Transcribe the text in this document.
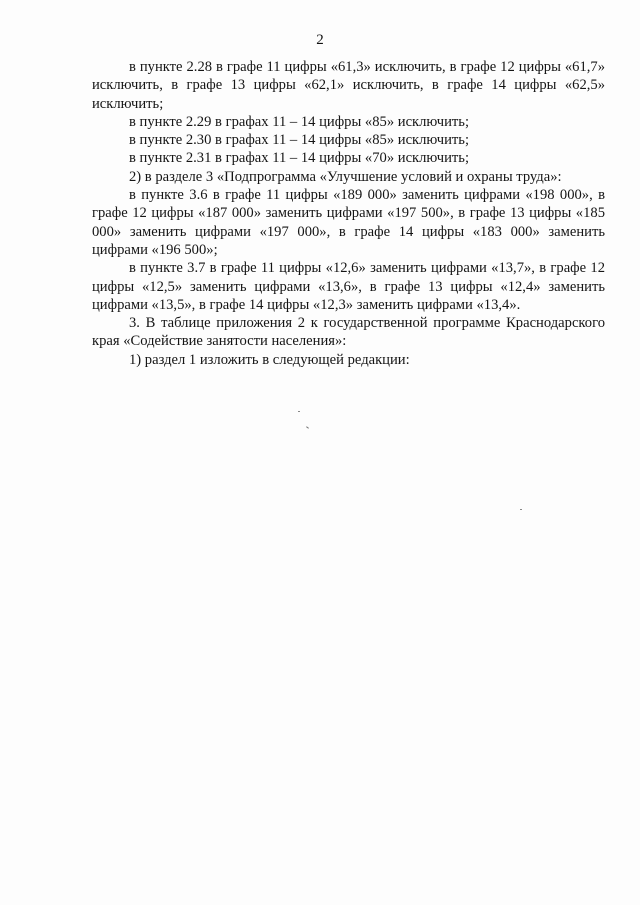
2

в пункте 2.28 в графе 11 цифры «61,3» исключить, в графе 12 цифры «61,7» исключить, в графе 13 цифры «62,1» исключить, в графе 14 цифры «62,5» исключить;

в пункте 2.29 в графах 11 – 14 цифры «85» исключить;

в пункте 2.30 в графах 11 – 14 цифры «85» исключить;

в пункте 2.31 в графах 11 – 14 цифры «70» исключить;

2) в разделе 3 «Подпрограмма «Улучшение условий и охраны труда»:

в пункте 3.6 в графе 11 цифры «189 000» заменить цифрами «198 000», в графе 12 цифры «187 000» заменить цифрами «197 500», в графе 13 цифры «185 000» заменить цифрами «197 000», в графе 14 цифры «183 000» заменить цифрами «196 500»;

в пункте 3.7 в графе 11 цифры «12,6» заменить цифрами «13,7», в графе 12 цифры «12,5» заменить цифрами «13,6», в графе 13 цифры «12,4» заменить цифрами «13,5», в графе 14 цифры «12,3» заменить цифрами «13,4».

3. В таблице приложения 2 к государственной программе Краснодарского края «Содействие занятости населения»:

1) раздел 1 изложить в следующей редакции:
